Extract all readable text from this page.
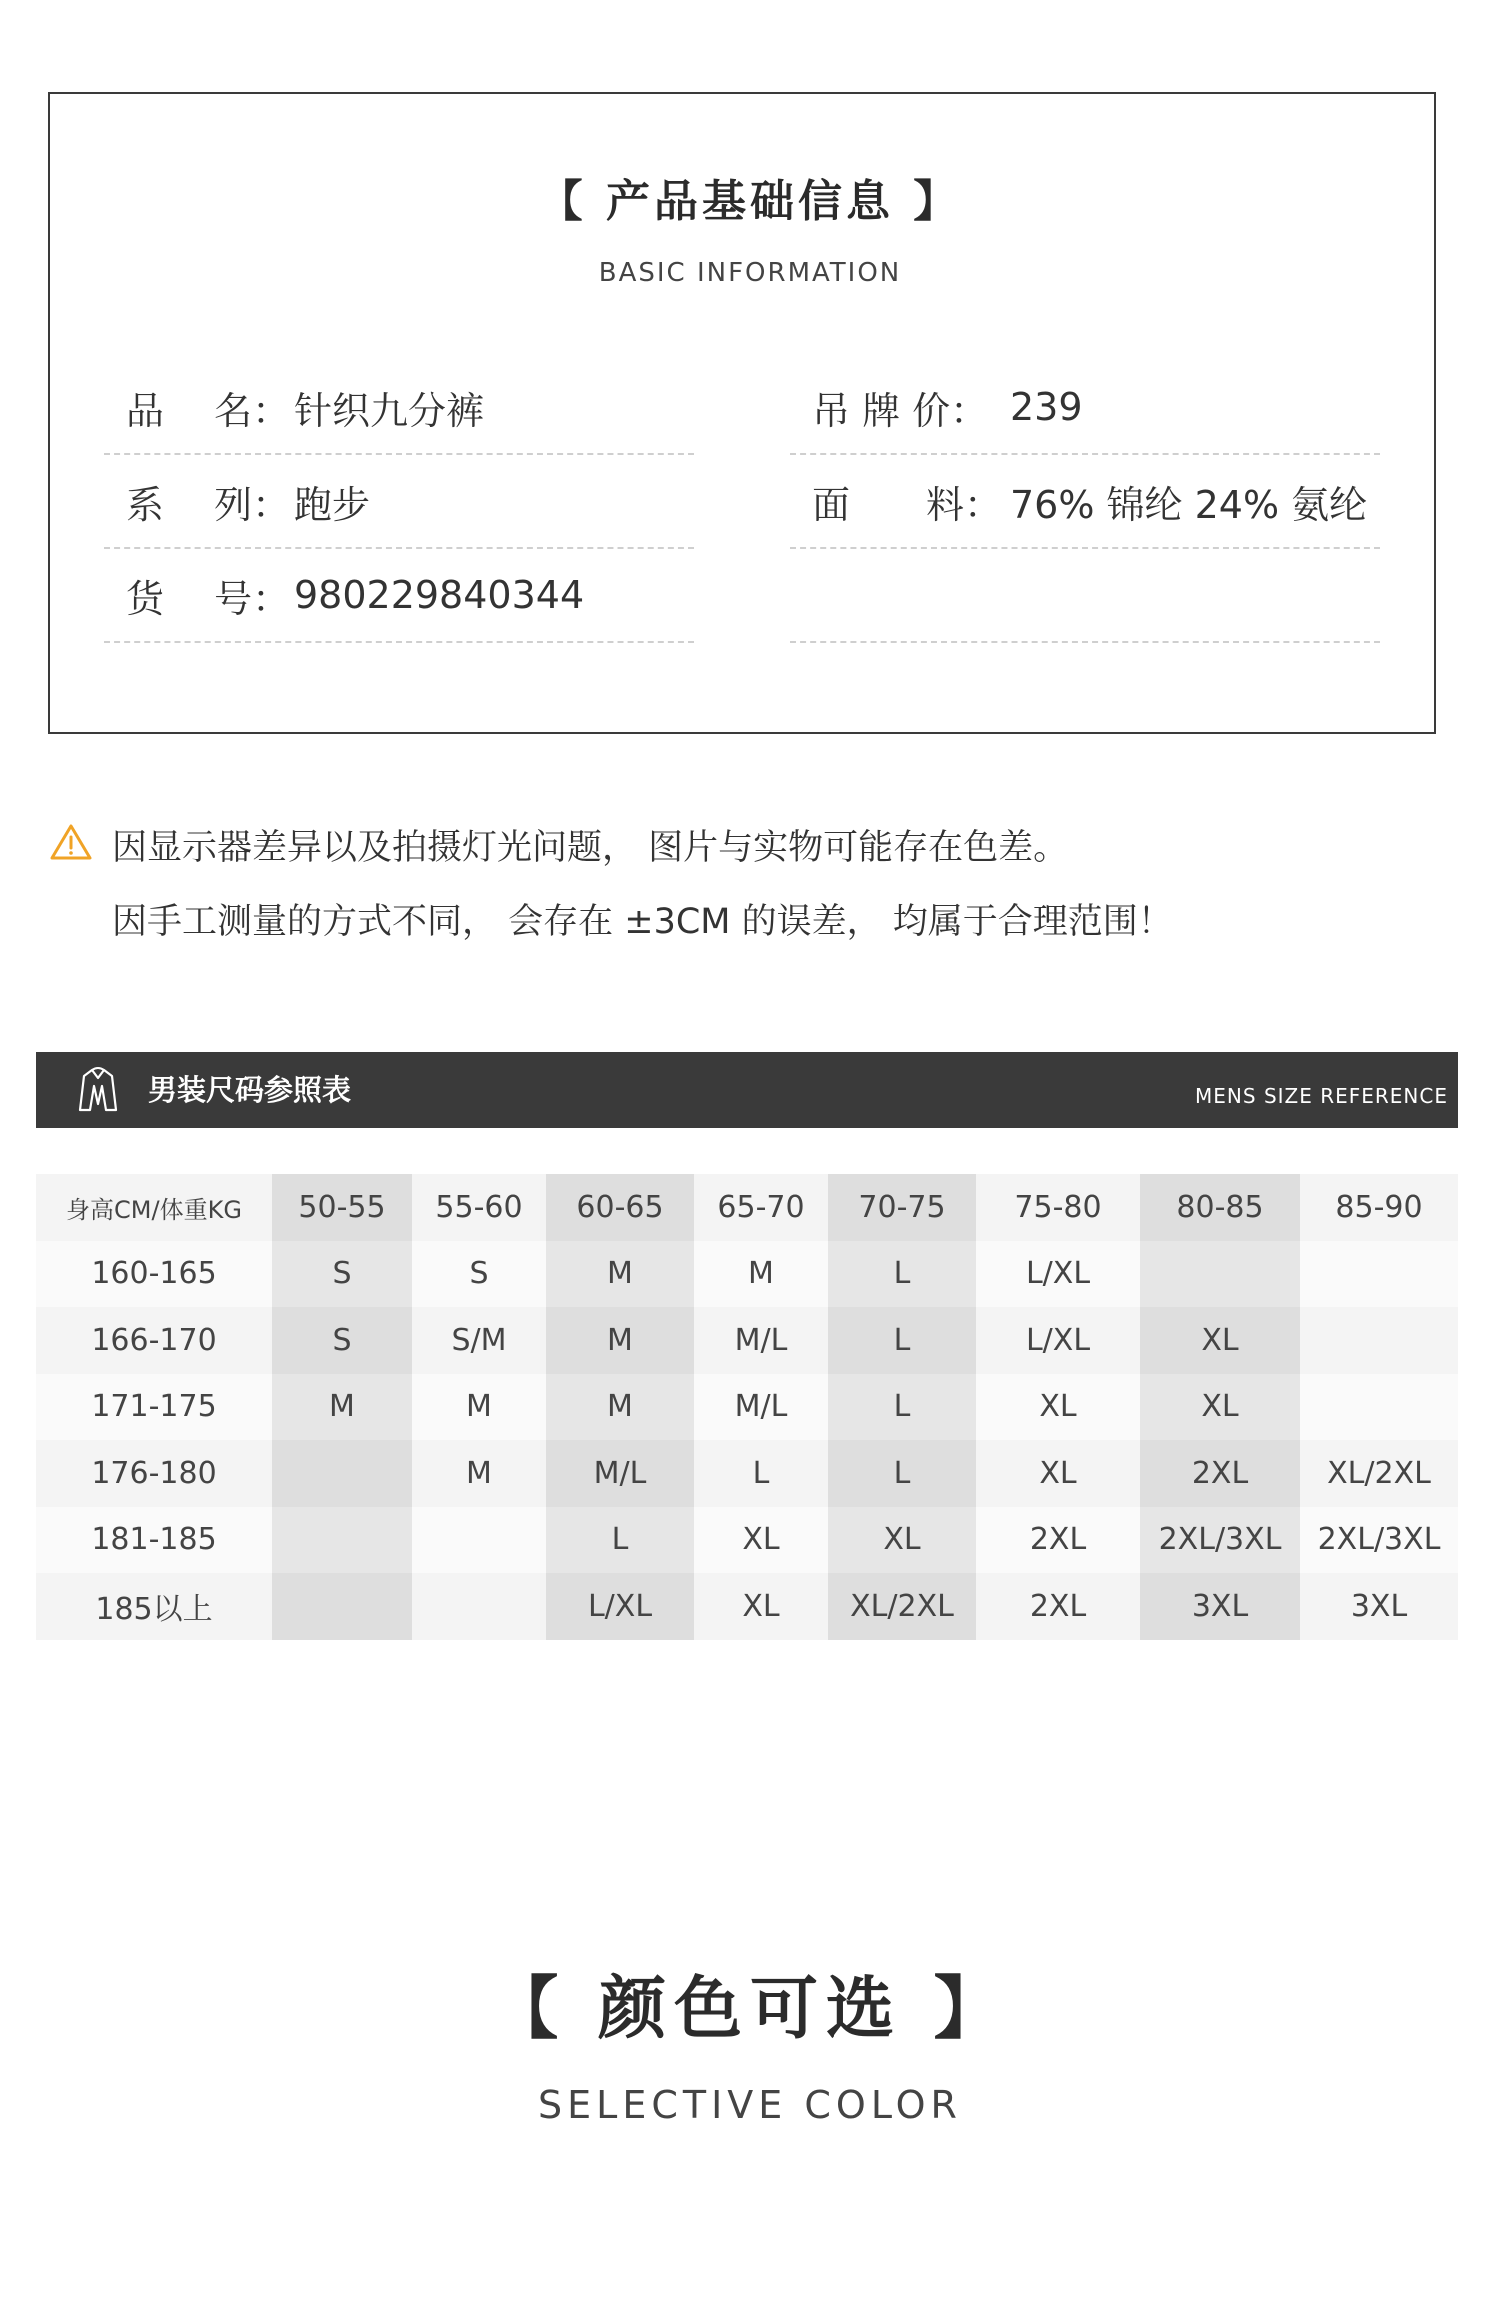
【 产品基础信息 】
BASIC INFORMATION
品　 名： 针织九分裤
系　 列： 跑步
货　 号： 980229840344
吊 牌 价： 239
面　　料： 76% 锦纶 24% 氨纶
因显示器差异以及拍摄灯光问题， 图片与实物可能存在色差。
因手工测量的方式不同， 会存在 ±3CM 的误差， 均属于合理范围！
男装尺码参照表	MENS SIZE REFERENCE
身高CM/体重KG	50-55	55-60	60-65	65-70	70-75	75-80	80-85	85-90
160-165	S	S	M	M	L	L/XL		
166-170	S	S/M	M	M/L	L	L/XL	XL	
171-175	M	M	M	M/L	L	XL	XL	
176-180		M	M/L	L	L	XL	2XL	XL/2XL
181-185			L	XL	XL	2XL	2XL/3XL	2XL/3XL
185以上			L/XL	XL	XL/2XL	2XL	3XL	3XL
【 颜色可选 】
SELECTIVE COLOR
